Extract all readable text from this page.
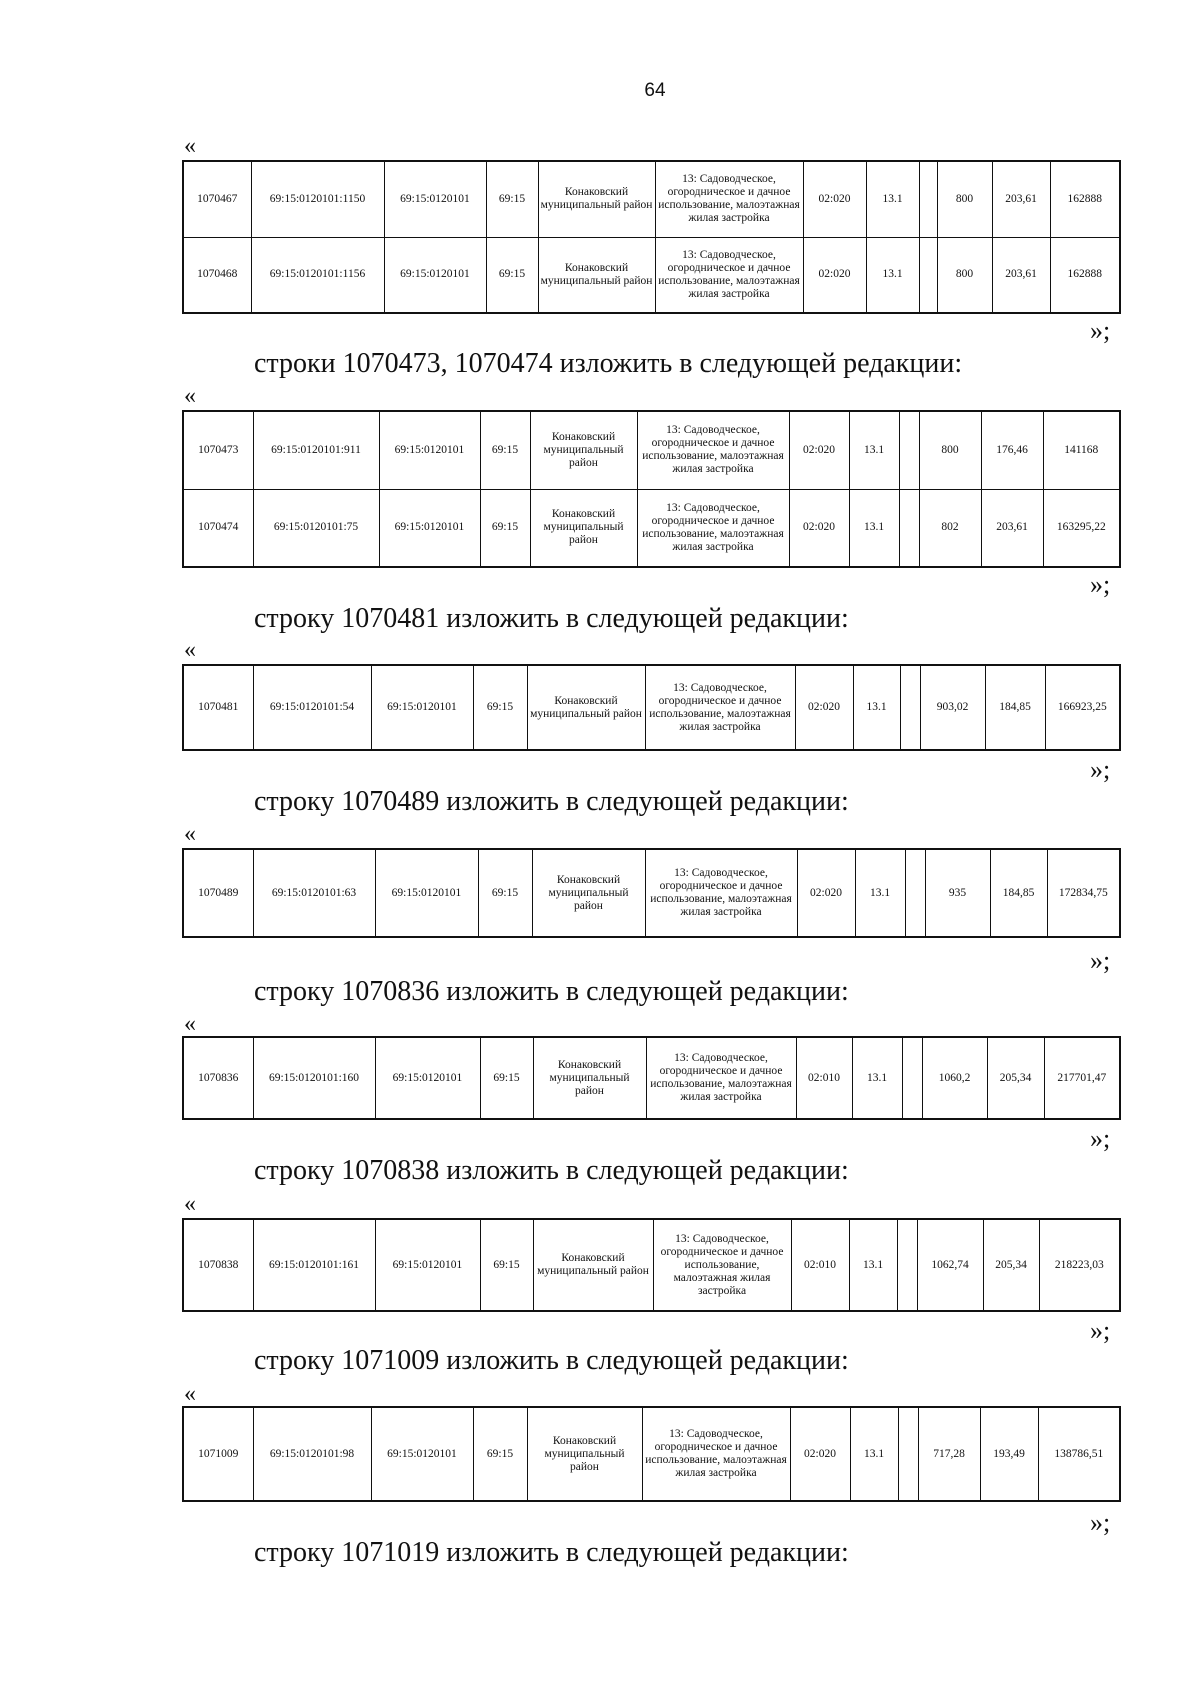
64
«
1070467	69:15:0120101:1150	69:15:0120101	69:15	Конаковский муниципальный район	13: Садоводческое, огородническое и дачное использование, малоэтажная жилая застройка	02:020	13.1		800	203,61	162888
1070468	69:15:0120101:1156	69:15:0120101	69:15	Конаковский муниципальный район	13: Садоводческое, огородническое и дачное использование, малоэтажная жилая застройка	02:020	13.1		800	203,61	162888
»;
строки 1070473, 1070474 изложить в следующей редакции:
«
1070473	69:15:0120101:911	69:15:0120101	69:15	Конаковский муниципальный район	13: Садоводческое, огородническое и дачное использование, малоэтажная жилая застройка	02:020	13.1		800	176,46	141168
1070474	69:15:0120101:75	69:15:0120101	69:15	Конаковский муниципальный район	13: Садоводческое, огородническое и дачное использование, малоэтажная жилая застройка	02:020	13.1		802	203,61	163295,22
»;
строку 1070481 изложить в следующей редакции:
«
1070481	69:15:0120101:54	69:15:0120101	69:15	Конаковский муниципальный район	13: Садоводческое, огородническое и дачное использование, малоэтажная жилая застройка	02:020	13.1		903,02	184,85	166923,25
»;
строку 1070489 изложить в следующей редакции:
«
1070489	69:15:0120101:63	69:15:0120101	69:15	Конаковский муниципальный район	13: Садоводческое, огородническое и дачное использование, малоэтажная жилая застройка	02:020	13.1		935	184,85	172834,75
»;
строку 1070836 изложить в следующей редакции:
«
1070836	69:15:0120101:160	69:15:0120101	69:15	Конаковский муниципальный район	13: Садоводческое, огородническое и дачное использование, малоэтажная жилая застройка	02:010	13.1		1060,2	205,34	217701,47
»;
строку 1070838 изложить в следующей редакции:
«
1070838	69:15:0120101:161	69:15:0120101	69:15	Конаковский муниципальный район	13: Садоводческое, огородническое и дачное использование, малоэтажная жилая застройка	02:010	13.1		1062,74	205,34	218223,03
»;
строку 1071009 изложить в следующей редакции:
«
1071009	69:15:0120101:98	69:15:0120101	69:15	Конаковский муниципальный район	13: Садоводческое, огородническое и дачное использование, малоэтажная жилая застройка	02:020	13.1		717,28	193,49	138786,51
»;
строку 1071019 изложить в следующей редакции:
